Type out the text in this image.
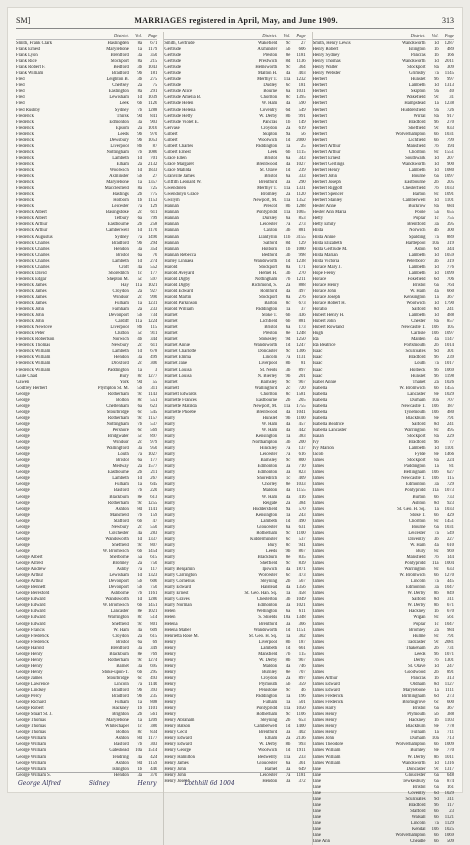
SM]	MARRIAGES registered in April, May, and June 1909.	313
District.	Vol.	Page
Smith, Frank Clark	Haslingden	8a	671
Frank Ernest	Marylebone	1a	1179
Frank Lyon	Brentford	3a	350
Frank Rice	Stockport	8a	215
Frank Robert F.	Bedford	3b	1043
Frank William	Bradford	9b	181
Fred	Leighton B.	3b	275
Fred	Chertsey	2a	75
Fred	Eastington	8a	291
Fred	Lewisham	1d	1039
Fred	Leek	6b	1126
Fred Rushby	Sydney	7b	1288
Frederick	Thirsk	9d	841
Frederick	Edmonton	3a	903
Frederick	Epsom	2a	1016
Frederick	Leeds	9b	970
Frederick	Dewsbury	9b	1053
Frederick	Liverpool	8b	87
Frederick	Nottingham	7b	1086
Frederick	Lambeth	1d	701
Frederick	Elham	2a	2132
Frederick	Woolwich	1d	1833
Frederick	Axminster	5b	27
Frederick	Marylebone	1a	1357
Frederick	Macclesfield	8a	725
Frederick	Hastings	2b	775
Frederick	Holborn	1b	1153
Frederick	Leicester	7a	129
Frederick Albert	Basingstoke	2c	611
Frederick Albert	Tetbury	6a	799
Frederick Arthur	Eastbourne	2b	258
Frederick Arthur	Camberwell	1d	1170
Frederick Augustus	Sydney	7a	1490
Frederick Charles	Bradford	9b	294
Frederick Charles	Hendon	3a	354
Frederick Charles	Bristol	6a	76
Frederick Charles	Lambeth	1d	274
Frederick Charles	Croft	4a	552
Frederick David	Shoreditch	1c	177
Frederick Edgar	Shepton M.	5c	597
Frederick James	Hay	11a	1021
Frederick James	Croydon	2a	927
Frederick James	Windsor	2c	990
Frederick James	Fulham	1a	1231
Frederick John	Farnham	2a	233
Frederick John	Devonport	5b	734
Frederick John	Cardiff	11a	1224
Frederick Newlove	Liverpool	8b	115
Frederick Peter	Clutton	5c	911
Frederick Robertson	Norwich	4b	344
Frederick Thomas	Newbury	2c	611
Frederick William	Lambeth	1d	678
Frederick William	Hendon	3a	499
Frederick William	Droxford	2c	306
Frederick William	Paddington	1a	3
Gaile Chad	Bury	8c	1277
Gawen	York	9d	55
Godfrey Herbert	Plympton St. M.	5b	311
George	Rotherham	9c	1143
George	Bolton	8c	551
George	Cheltenham	6a	623
George	Stourbridge	6c	545
George	Rotherham	9c	1157
George	Nottingham	7b	537
George	Pershore	6c	569
George	Bridgwater	5c	897
George	Windsor	2c	979
George	Wallingford	3a	950
George	Louth	7a	1027
George	Bristol	6a	177
George	Medway	2a	1577
George	Eastbourne	2b	211
George	Lambeth	1d	267
George	Fulham	1a	645
George	Basford	7b	220
George	Blackburn	8e	613
George	Rotherham	9c	1255
George	Ashton	8d	1141
George	Mansfield	7b	159
George	Stafford	6b	47
George	Newbury	2c	550
George	Colchester	4a	283
George	Wandsworth	1d	1337
George	Sheffield	9c	807
George	W. Bromwich	6b	1454
George Albert	Sherborne	5a	615
George Alfred	Bromley	2a	750
George Andrew	Ashby	7a	117
George Arthur	Lewisham	1d	1323
George Arthur	Devonport	5b	606
George Bennett	Devonport	5b	750
George Beresford	Ashborne	7b	1161
George Edward	Wandsworth	1d	1286
George Edward	W. Bromwich	6b	1451
George Edward	Lancaster	8e	1021
George Edward	Warrington	8c	514
George Edward	Sheffield	9c	801
George Francis	W. Ham	4a	609
George Frederick	Croydon	2a	615
George Frederick	Bristol	6a	69
George Harold	Brentford	3a	349
George Henry	Blackburn	8e	769
George Henry	Rotherham	9c	1274
George Henry	Barnet	3a	695
George Henry	Stoke-upon-T.	6b	295
George James	Stourbridge	6c	493
George Lawrence	Lincoln	7a	1140
George Lindsey	Bradford	9b	393
George Percy	Bradford	9b	235
George Richard	Fulham	1a	808
George Robert	Hackney	1b	1101
George Stuart St. J.	Brighton	2b	561
George Thomas	Marylebone	1a	1209
George Thomas	Whitechapel	1c	380
George Thomas	Bolton	8c	834
George William	Ashton	8d	1177
George William	Basford	7b	303
George William	Gateshead	10a	1514
George William	Tendring	4a	424
George William	Ashton	8d	1159
George William	Islington	1b	446
George William S.	Hendon	3a	370
District.	Vol.	Page
Smith, Gertrude	Wakefield	9c	27
Gertrude	Axminster	5b	606
Gertrude	Preston	8e	1181
Gertrude	Prestwich	8d	1136
Gertrude	Hemsworth	9c	364
Gertrude	Malton H.	4a	403
Gertrude	Merthyr T.	11a	1232
Gertrude	Dudley	6c	181
Gertrude Alice	Bourne	6a	1031
Gertrude Amelia B.	Chorlton	8c	1395
Gertrude Helen	W. Ham	4a	590
Gertrude Helena	Coventry	6d	549
Gertrude Hetty	W. Derby	8b	991
Gertrude Violet E.	Pancras	1b	149
Gervase	Croydon	2a	619
Gilbert	Skipton	9a	56
Gilbert	Woolwich	1d	2000
Gilbert Charles	Paddington	1a	25
Gilbert Ernest	Leek	6b	1115
Grace Ellen	Bristol	6a	343
Grace Margaret	Brentwood	4a	1027
Grace Matilda	St. Olave	1d	239
Granville James	Bristol	6a	333
Griffith Leonard W.	Brentford	3a	290
Gwendolen	Merthyr T.	11a	1331
Gwendolyn Grace	Bromley	2a	1120
Gwilym	Newport, M.	11a	1352
Hannah	Prescot	8b	1288
Hannah	Pontypridd	11a	1065
Hannah	Dursley	6a	853
Hannah	Leicester	7a	273
Hannah	Caxton	3b	881
Hannah	Llanfyllin	11b	3155
Hannah	Salford	8d	129
Hannah	Holborn	1b	1080
Hannah Rebecca	Bedford	3b	998
Harley Linnaea	Wandsworth	1d	1238
Harold	Stockport	8a	171
Harold Aveyard	Hemel H.	3b	270
Harold Digby	Nottingham	7b	1211
Harold Digby	Richmond, S.	2a	888
Harold Edward	Romford	4a	497
Harold Martin	Stockport	8a	276
Harold Parkinson	Barton	8c	673
Harold William	Paddington	1a	37
Harriet	Stoke T.	6b	436
Harriet	Lichfield	6b	881
Harriet	Bristol	6a	173
Harriet	Preston	8e	1248
Harriet	Stokesley	9d	1250
Harriet Annie	Wandsworth	1d	1247
Harriet Charlotte	Doncaster	9c	1306
Harriet Emma	Lincoln	7a	1131
Harriet Jane	Liverpool	8b	81
Harriet Louisa	St. Neots	3b	897
Harriet Louisa	N. Bierley	9b	201
Harriet	Barnsley	9c	967
Harriett	Wallingford	2c	720
Harriett Edwards	Chorlton	8c	1581
Harriette Frances	Eastbourne	2b	205
Harriette Matilda	Newport, M.	11a	1755
Harriette Phoebe	Brentwood	4a	1041
Harry	Hunslet	9b	1100
Harry	W. Ham	4a	457
Harry	W. Ham	4a	442
Harry	Kensington	1a	383
Harry	Northampton	3b	200
Harry	Hinckley	7a	137
Harry	Leicester	7a	616
Harry	Barnsley	9c	800
Harry	Edmonton	3a	710
Harry	Edmonton	3a	823
Harry	Shoreditch	1c	409
Harry	Chorley	8e	1033
Harry	Maldon	4a	1155
Harry	W. Ham	4a	416
Harry	Reigate	2a	384
Harry	Huddersfield	9a	570
Harry	Kensington	1a	243
Harry	Lambeth	1d	490
Harry	Gloucester	6a	631
Harry	Rotherham	9c	1100
Harry	Kidderminster	6c	537
Harry	Bury	8c	941
Harry	Leeds	9b	867
Harry	Blackburn	8e	835
Harry	Sheffield	9c	839
Harry Benjamin	Ipswich	4a	1871
Harry Carrington	Worcester	6c	473
Harry Cornelius	Steyning	2b	567
Harry Edward	Halstead	4a	1356
Harry Ernest	St. Geo. Han. Sq.	1a	458
Harry Graves	Chesterton	3b	1049
Harry Norman	Edmonton	3a	1021
Helen	Wellington	6a	611
Helen	S. Shields	10a	1348
Helena	Brentford	3a	366
Helena Mabel	Wandsworth	1d	1151
Henrietta Rose M.	St. Geo. H. Sq.	1a	302
Henry	Liverpool	8b	187
Henry	Lambeth	1d	661
Henry	Mansfield	7b	115
Henry	W. Derby	8b	967
Henry	Maldon	4a	746
Henry	Burnley	8e	707
Henry	Croydon	2a	897
Henry	Plymouth	5b	359
Henry	Penistone	9c	46
Henry	Paddington	1a	196
Henry	Fulham	1a	501
Henry	Pontypridd	11a	1050
Henry	Rotherham	9c	1106
Henry Abraham	Steyning	2b	653
Henry Batson	Camberwell	1d	1400
Henry Cecil	Brentford	3a	402
Henry Edward	Elham	2a	2136
Henry Edward	W. Derby	8b	993
Henry George	Woolwich	1d	1911
Henry Hamilton	Bedwellty	11a	233
Henry James	Gloucester	6a	361
Henry John	Barnet	3a	649
Henry John	Leicester	7a	1181
Henry Joseph	Hendon	3a	372
District.	Vol.	Page
Smith, Henry Lewis	Wandsworth	1d	1287
Henry Robert	Islington	1b	489
Henry Sydney	Pancras	1b	166
Henry Thomas	Wandsworth	1d	2011
Henry Walter	Stockport	8a	309
Henry Webster	Grimsby	7a	1145
Herbert	Hunslet	9b	997
Herbert	Lambeth	1d	1313
Herbert	Skipton	9a	40
Herbert	Wakefield	9c	31
Herbert	Hampstead	1a	1238
Herbert	Huddersfield	9a	726
Herbert	Wirral	8a	917
Herbert	Bradford	9b	270
Herbert	Sheffield	9c	833
Herbert	Wolverhampton	6b	1031
Herbert	Lichfield	6b	799
Herbert Arthur	Mansfield	7b	194
Herbert Arthur	Chorlton	8c	1551
Herbert Ernest	Southwark	1d	207
Herbert Gerlings	Wandsworth	1d	900
Herbert Henry	Lambeth	1d	1080
Herbert John	Bourne	6a	1097
Herbert Joseph	Eastbourne	2b	205
Herbert Riggott	Chesterfield	7b	1033
Herbert Spencer	Barton	8c	1091
Herbert Stanley	Camberwell	1d	1101
Hester Anne	Buckrow	8a	684
Hester Ann Maria	Poole	5a	655
Hetty	Poplar	1c	755
Hetty Emily	Brentford	3a	395
Hilda	Norwich	4b	300
Hilda Annie	Spalding	7a	889
Hilda Elizabeth	Hartlepool	10a	319
Hilda Gertrude M.	Aston	6d	344
Hilda Marian	Lambeth	1d	1059
Hilda Victoria	Peterboro'	3b	319
Horace Mary J.	Lambeth	1d	776
Hope Feeny	Lambeth	1d	1099
Horace	Fokefield	6d	706
Horace Henry	Bristol	6a	764
Horace John	W. Ham	4a	660
Horace Joseph	Kensington	1a	367
Horace Robert H.	Woolwich	1d	1790
Horatio	Salford	8d	241
Hubert Henry H.	Lambeth	1d	488
Hubert John	Chester	8a	857
Hubert Rowland	Newcastle T.	10b	105
Hugh	Carlisle	10b	1097
Ida	Malden	4a	1147
Ida Beatrice	Portsmouth	2b	1014
Isaac	Sculcoates	9d	301
Isaac	Bradford	9b	239
Isaac	Louth	7a	1017
Isaac	Holbeck	9b	1069
Isaac	Hunslet	9b	1198
Isabel Annie	Thanet	2a	1026
Isabella	W. Bromwich	6b	1455
Isabella	Lancaster	8e	1029
Isabella	Durham	10a	707
Isabella	Newcastle T.	10b	187
Isabella	Tynemouth	10b	480
Isabella	Blackburn	8e	791
Isabella Beatrice	Salford	8d	241
Isabella Lancaster	Warrington	8c	495
Isaiah	Stockport	8a	229
Ivy	Bradford	9b	77
Ivy Marion	Lambeth	1d	1101
Jacob	Fylde	8e	1466
James	Stockport	8a	224
James	Paddington	1a	81
James	Bellingham	10b	627
James	Newcastle T.	10b	115
James	Edmonton	3a	729
James	Pontypridd	11a	1073
James	Burton	6b	733
James	Ashton	8d	923
James	St. Geo. H. Sq.	1a	1033
James	Stoke T.	6b	429
James	Chorlton	8c	1451
James	Bourne	6a	1031
James	Leicester	7a	549
James	Daventry	3b	227
James	W. Ham	4a	610
James	Bury	8c	969
James	Mansfield	7b	144
James	Pontypridd	11a	1004
James	Warrington	8c	633
James	W. Bromwich	6b	1270
James	Lincoln	7a	445
James	Edmonton	3a	1047
James	W. Derby	8b	849
James	Salford	8d	311
James	W. Derby	8b	671
James	Hackney	1b	670
James	Wigan	8c	561
James	Poplar	1c	1047
James	Bromley	2a	984
James	Hulme	8c	791
James	Tadcaster	9c	2081
James	Thakeham	2b	731
James	Leeds	9b	1071
James	Derby	7b	1301
James	St. Olave	1d	247
James	Goodwood	2b	891
James Arthur	Pancras	1b	313
James Edward	Oldham	8d	1127
James Edward	Marylebone	1a	1111
James Frederick	Birmingham	6d	273
James Frederick	Bromsgrove	6c	600
James Harry	Bristol	6a	367
James Henry	Plymouth	5b	388
James Henry	Hackney	1b	1103
James Henry	Blackburn	8e	778
James Henry	Fulham	1a	711
James John	Durham	10a	713
James Theodore	Wolverhampton	6b	1009
James William	Burnley	8e	770
James William	W. Derby	8b	1011
James William	Wandsworth	1d	1316
Jane	Doncaster	9c	1317
Jane	Gloucester	6a	648
Jane	Tewkesbury	6a	874
Jane	Bristol	6a	161
Jane	Coventry	6d	1029
Jane	Sculcoates	9d	311
Jane	Bradford	9b	117
Jane	Stafford	6b	23
Jane	Walsall	6b	1121
Jane	Lincoln	7a	1129
Jane	Kendal	10b	1025
Jane	Wolverhampton	6b	1069
Jane Ann	Cheadle	6b	509
George Alfred	Sidney	Henry	Lothhill 6d 1004
